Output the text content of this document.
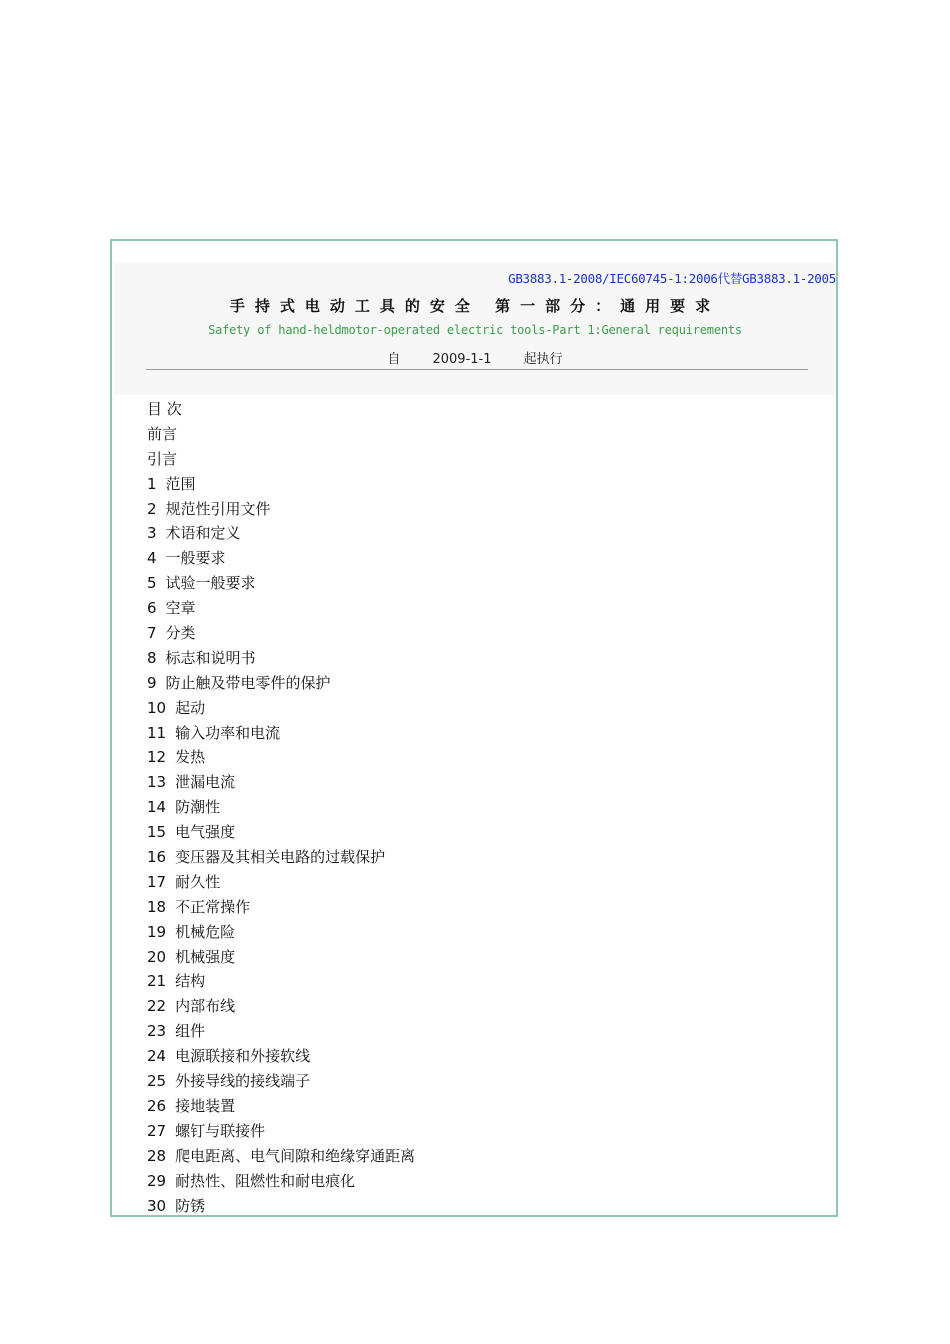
GB3883.1-2008/IEC60745-1:2006代替GB3883.1-2005
手持式电动工具的安全 第一部分：通用要求
Safety of hand-heldmotor-operated electric tools-Part 1:General requirements
自 2009-1-1 起执行
目 次
前言
引言
1 范围
2 规范性引用文件
3 术语和定义
4 一般要求
5 试验一般要求
6 空章
7 分类
8 标志和说明书
9 防止触及带电零件的保护
10 起动
11 输入功率和电流
12 发热
13 泄漏电流
14 防潮性
15 电气强度
16 变压器及其相关电路的过载保护
17 耐久性
18 不正常操作
19 机械危险
20 机械强度
21 结构
22 内部布线
23 组件
24 电源联接和外接软线
25 外接导线的接线端子
26 接地装置
27 螺钉与联接件
28 爬电距离、电气间隙和绝缘穿通距离
29 耐热性、阻燃性和耐电痕化
30 防锈
